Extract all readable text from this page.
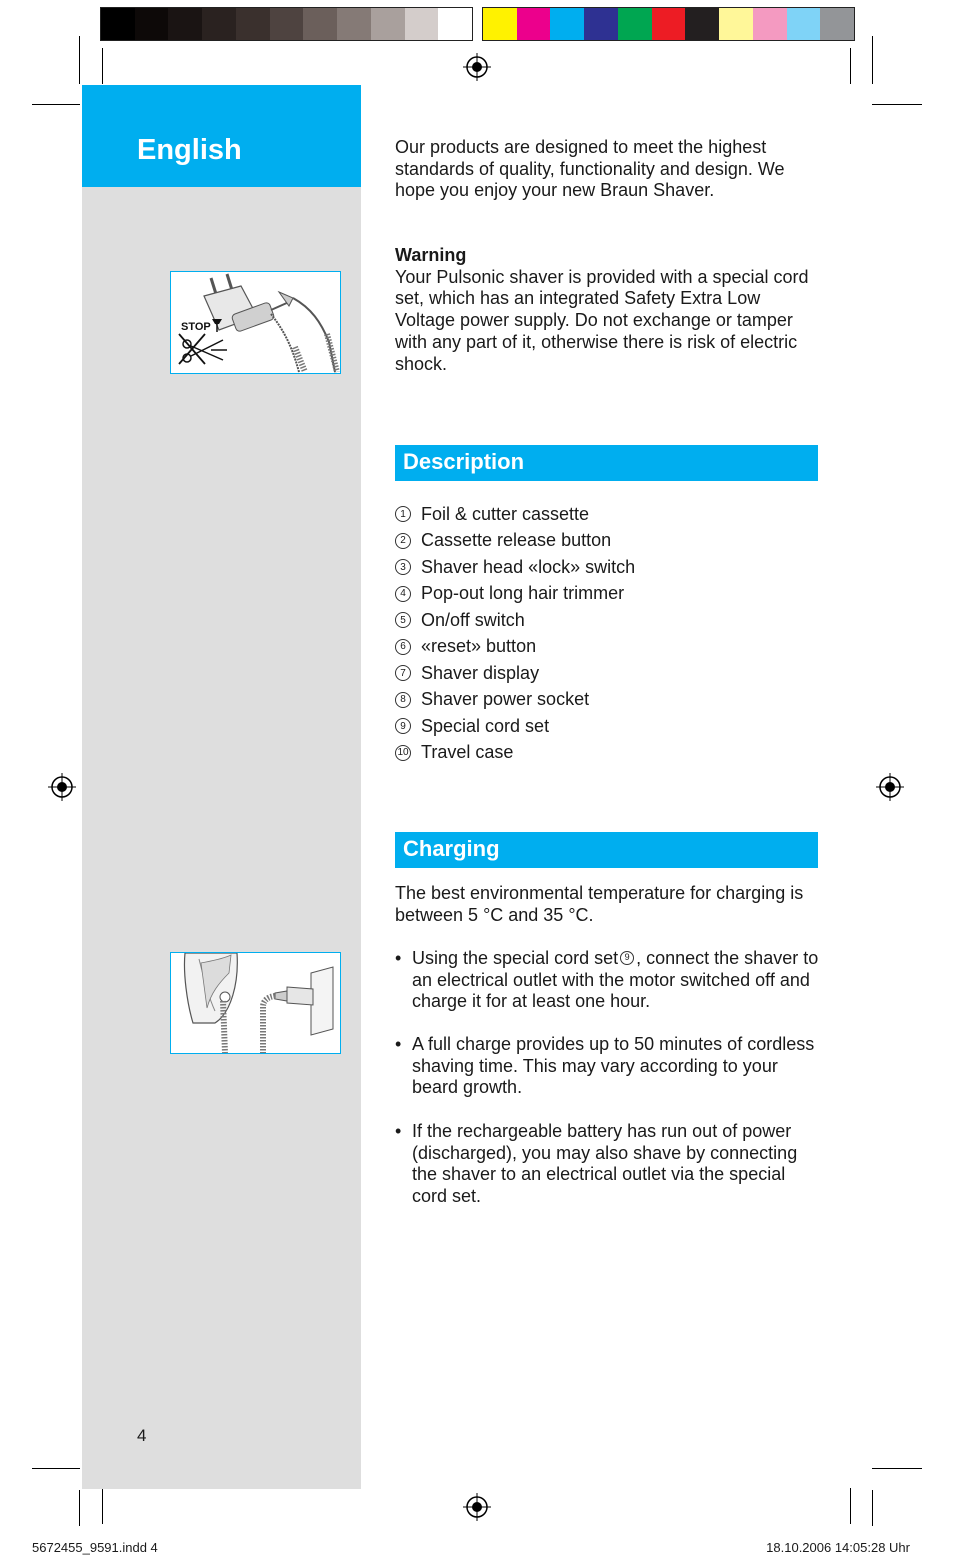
English
STOP
4

Our products are designed to meet the highest standards of quality, functionality and design. We hope you enjoy your new Braun Shaver.

Warning

Your Pulsonic shaver is provided with a special cord set, which has an integrated Safety Extra Low Voltage power supply. Do not exchange or tamper with any part of it, otherwise there is risk of electric shock.

Description
1 Foil & cutter cassette
2 Cassette release button
3 Shaver head «lock» switch
4 Pop-out long hair trimmer
5 On/off switch
6 «reset» button
7 Shaver display
8 Shaver power socket
9 Special cord set
10 Travel case
Charging

The best environmental temperature for charging is between 5 °C and 35 °C.

• Using the special cord set 9 , connect the shaver to an electrical outlet with the motor switched off and charge it for at least one hour.
• A full charge provides up to 50 minutes of cordless shaving time. This may vary according to your beard growth.
• If the rechargeable battery has run out of power (discharged), you may also shave by connecting the shaver to an electrical outlet via the special cord set.
5672455_9591.indd 4	18.10.2006 14:05:28 Uhr
